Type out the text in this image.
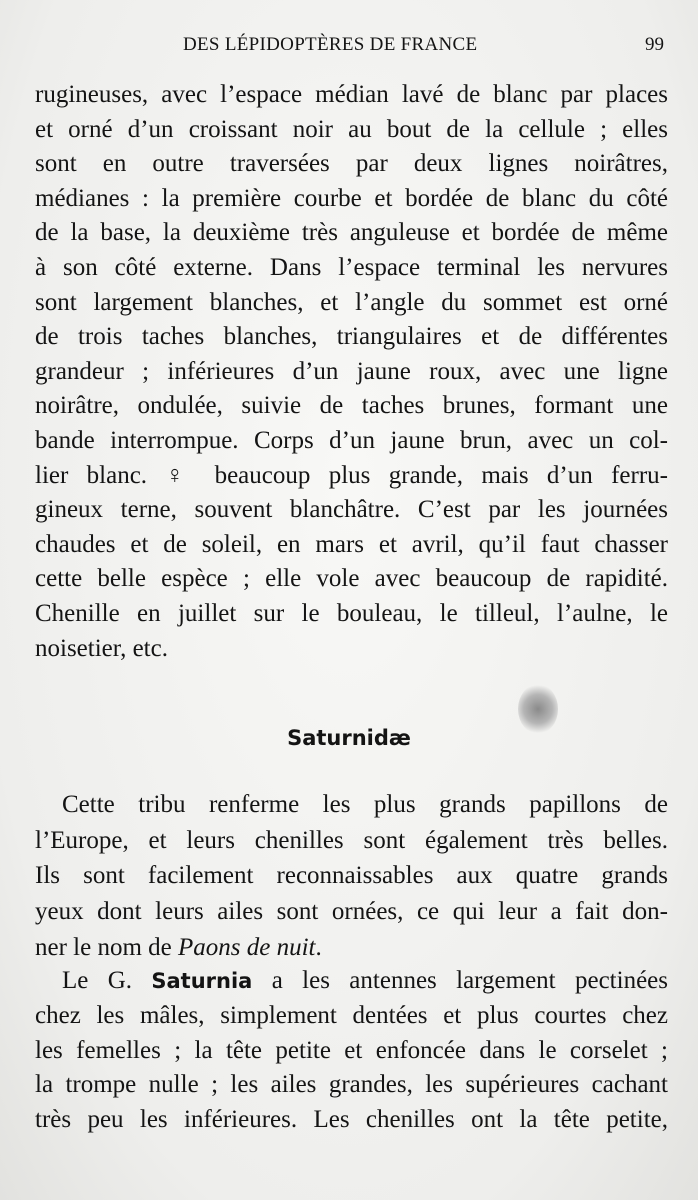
DES LÉPIDOPTÈRES DE FRANCE	99
rugineuses, avec l’espace médian lavé de blanc par places
et orné d’un croissant noir au bout de la cellule ; elles
sont en outre traversées par deux lignes noirâtres,
médianes : la première courbe et bordée de blanc du côté
de la base, la deuxième très anguleuse et bordée de même
à son côté externe. Dans l’espace terminal les nervures
sont largement blanches, et l’angle du sommet est orné
de trois taches blanches, triangulaires et de différentes
grandeur ; inférieures d’un jaune roux, avec une ligne
noirâtre, ondulée, suivie de taches brunes, formant une
bande interrompue. Corps d’un jaune brun, avec un col-
lier blanc. ♀ beaucoup plus grande, mais d’un ferru-
gineux terne, souvent blanchâtre. C’est par les journées
chaudes et de soleil, en mars et avril, qu’il faut chasser
cette belle espèce ; elle vole avec beaucoup de rapidité.
Chenille en juillet sur le bouleau, le tilleul, l’aulne, le
noisetier, etc.
Saturnidæ
Cette tribu renferme les plus grands papillons de
l’Europe, et leurs chenilles sont également très belles.
Ils sont facilement reconnaissables aux quatre grands
yeux dont leurs ailes sont ornées, ce qui leur a fait don-
ner le nom de Paons de nuit.
Le G. Saturnia a les antennes largement pectinées
chez les mâles, simplement dentées et plus courtes chez
les femelles ; la tête petite et enfoncée dans le corselet ;
la trompe nulle ; les ailes grandes, les supérieures cachant
très peu les inférieures. Les chenilles ont la tête petite,
